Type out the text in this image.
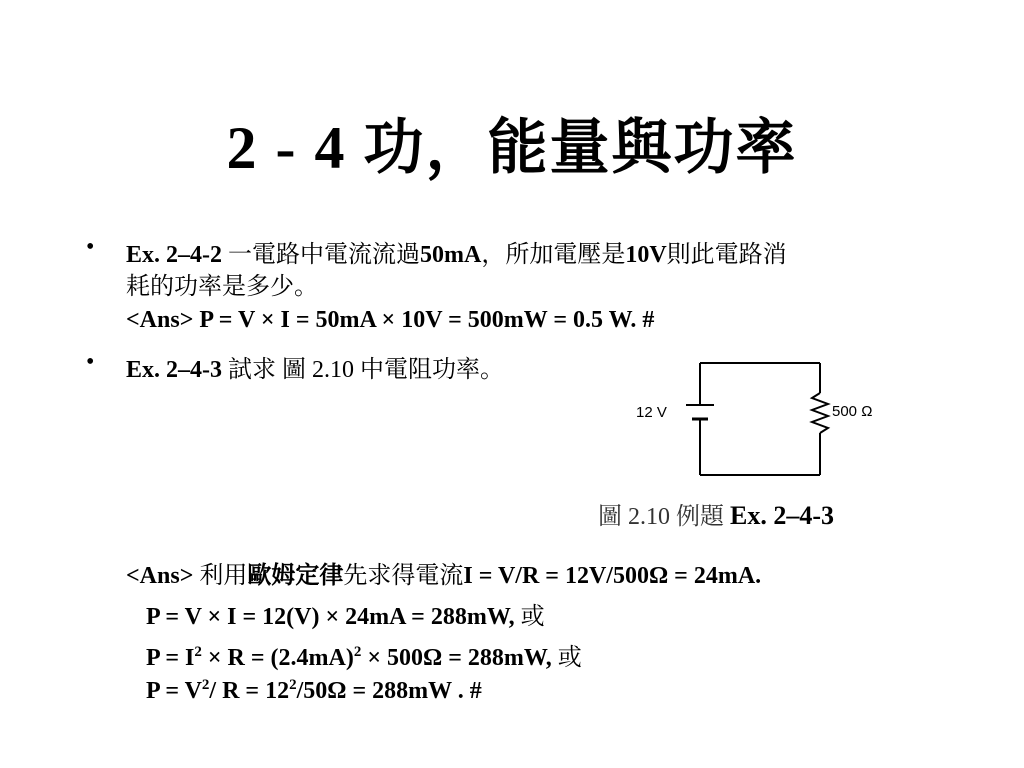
2 - 4 功，能量與功率
• Ex. 2–4-2 一電路中電流流過50mA，所加電壓是10V則此電路消
耗的功率是多少。
<Ans> P = V × I = 50mA × 10V = 500mW = 0.5 W. #
• Ex. 2–4-3 試求 圖 2.10 中電阻功率。
12 V	500 Ω
圖 2.10 例題 Ex. 2–4-3
<Ans> 利用歐姆定律先求得電流I = V/R = 12V/500Ω = 24mA.
P = V × I = 12(V) × 24mA = 288mW, 或
$P = I^2 \times R = (2.4mA)^2 \times 500\Omega = 288mW$, 或
$P = V^2/$ $R = 12^2/50\Omega = 288mW$ . #
